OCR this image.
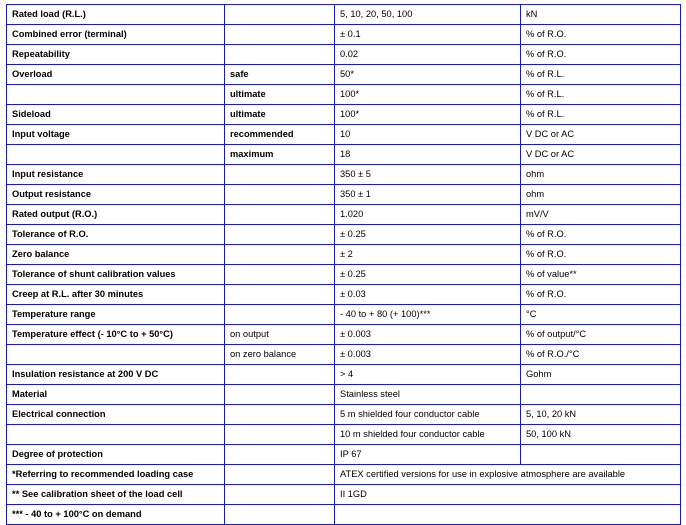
Rated load (R.L.)		5, 10, 20, 50, 100	kN
Combined error (terminal)		± 0.1	% of R.O.
Repeatability		0.02	% of R.O.
Overload	safe	50*	% of R.L.
	ultimate	100*	% of R.L.
Sideload	ultimate	100*	% of R.L.
Input voltage	recommended	10	V DC or AC
	maximum	18	V DC or AC
Input resistance		350 ± 5	ohm
Output resistance		350 ± 1	ohm
Rated output (R.O.)		1.020	mV/V
Tolerance of R.O.		± 0.25	% of R.O.
Zero balance		± 2	% of R.O.
Tolerance of shunt calibration values		± 0.25	% of value**
Creep at R.L. after 30 minutes		± 0.03	% of R.O.
Temperature range		- 40 to + 80 (+ 100)***	°C
Temperature effect (- 10°C to + 50°C)	on output	± 0.003	% of output/°C
	on zero balance	± 0.003	% of R.O./°C
Insulation resistance at 200 V DC		> 4	Gohm
Material		Stainless steel	
Electrical connection		5 m shielded four conductor cable	5, 10, 20 kN
		10 m shielded four conductor cable	50, 100 kN
Degree of protection		IP 67	
*Referring to recommended loading case		ATEX certified versions for use in explosive atmosphere are available	
** See calibration sheet of the load cell		II 1GD	
*** - 40 to + 100°C on demand			
